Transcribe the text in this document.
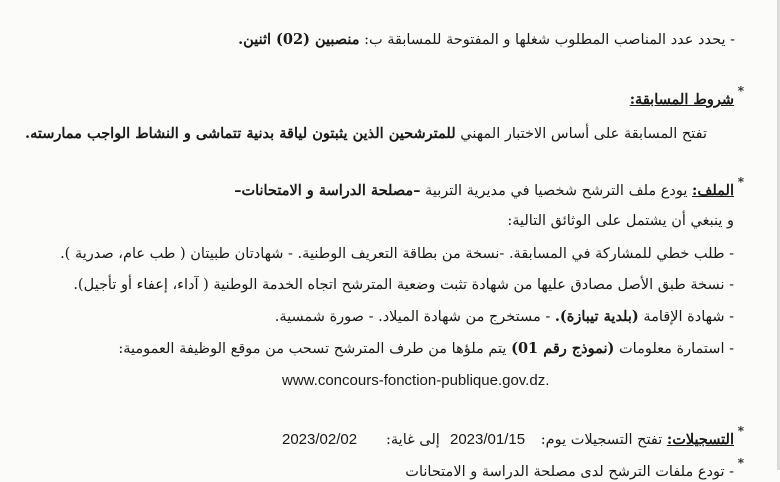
- يحدد عدد المناصب المطلوب شغلها و المفتوحة للمسابقة ب: منصبين (02) اثنين.
*
شروط المسابقة:
تفتح المسابقة على أساس الاختبار المهني للمترشحين الذين يثبتون لياقة بدنية تتماشى و النشاط الواجب ممارسته.
*
الملف: يودع ملف الترشح شخصيا في مديرية التربية –مصلحة الدراسة و الامتحانات–
و ينبغي أن يشتمل على الوثائق التالية:
- طلب خطي للمشاركة في المسابقة. -نسخة من بطاقة التعريف الوطنية. - شهادتان طبيتان ( طب عام، صدرية ).
- نسخة طبق الأصل مصادق عليها من شهادة تثبت وضعية المترشح اتجاه الخدمة الوطنية ( آداء، إعفاء أو تأجيل).
- شهادة الإقامة (بلدية تيبازة). - مستخرج من شهادة الميلاد. - صورة شمسية.
- استمارة معلومات (نموذج رقم 01) يتم ملؤها من طرف المترشح تسحب من موقع الوظيفة العمومية:
www.concours-fonction-publique.gov.dz.
*
التسجيلات: تفتح التسجيلات يوم:
2023/01/15
إلى غاية:
2023/02/02
*
- تودع ملفات الترشح لدى مصلحة الدراسة و الامتحانات
